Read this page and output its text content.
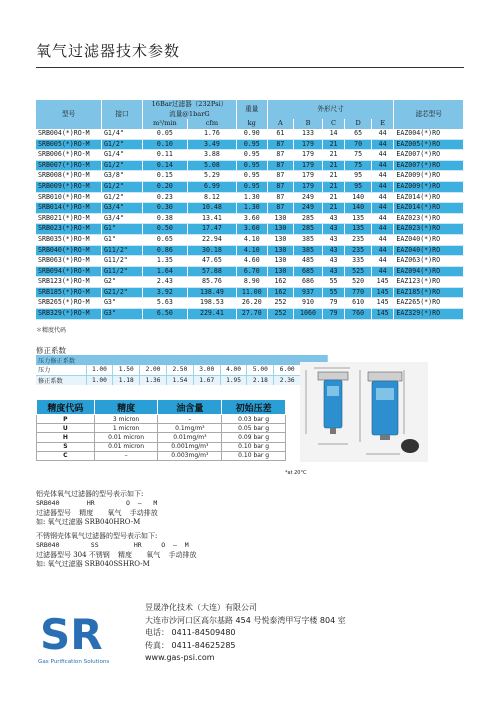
氧气过滤器技术参数
型号	接口	16Bar过滤器（232Psi）
流量@1barG		重量	外形尺寸					滤芯型号
		m³/min	cfm	kg	A	B	C	D	E	
SRB004(*)RO-M	G1/4"	0.05	1.76	0.90	61	133	14	65	44	EAZ004(*)RO
SRB005(*)RO-M	G1/2"	0.10	3.49	0.95	87	179	21	70	44	EAZ005(*)RO
SRB006(*)RO-M	G1/4"	0.11	3.88	0.95	87	179	21	75	44	EAZ007(*)RO
SRB007(*)RO-M	G1/2"	0.14	5.08	0.95	87	179	21	75	44	EAZ007(*)RO
SRB008(*)RO-M	G3/8"	0.15	5.29	0.95	87	179	21	95	44	EAZ009(*)RO
SRB009(*)RO-M	G1/2"	0.20	6.99	0.95	87	179	21	95	44	EAZ009(*)RO
SRB010(*)RO-M	G1/2"	0.23	8.12	1.30	87	249	21	140	44	EAZ014(*)RO
SRB014(*)RO-M	G3/4"	0.30	10.48	1.30	87	249	21	140	44	EAZ014(*)RO
SRB021(*)RO-M	G3/4"	0.38	13.41	3.60	130	285	43	135	44	EAZ023(*)RO
SRB023(*)RO-M	G1"	0.50	17.47	3.60	130	285	43	135	44	EAZ023(*)RO
SRB035(*)RO-M	G1"	0.65	22.94	4.10	130	385	43	235	44	EAZ040(*)RO
SRB040(*)RO-M	G11/2"	0.86	30.18	4.10	130	385	43	235	44	EAZ040(*)RO
SRB063(*)RO-M	G11/2"	1.35	47.65	4.60	130	485	43	335	44	EAZ063(*)RO
SRB094(*)RO-M	G11/2"	1.64	57.88	6.70	130	685	43	525	44	EAZ094(*)RO
SRB123(*)RO-M	G2"	2.43	85.76	8.90	162	686	55	520	145	EAZ123(*)RO
SRB185(*)RO-M	G21/2"	3.92	138.49	11.00	162	937	55	770	145	EAZ185(*)RO
SRB265(*)RO-M	G3"	5.63	198.53	26.20	252	910	79	610	145	EAZ265(*)RO
SRB329(*)RO-M	G3"	6.50	229.41	27.70	252	1060	79	760	145	EAZ329(*)RO
＊精度代码
修正系数
压力修正系数									
压力	1.00	1.50	2.00	2.50	3.00	4.00	5.00	6.00	
修正系数	1.00	1.18	1.36	1.54	1.67	1.95	2.18	2.36	
精度代码	精度	油含量	初始压差
P	3 micron	–	0.03 bar g
U	1 micron	0.1mg/m³	0.05 bar g
H	0.01 micron	0.01mg/m³	0.09 bar g
S	0.01 micron	0.001mg/m³	0.10 bar g
C	–	0.003mg/m³	0.10 bar g
*at 20°C
铝壳体氧气过滤器的型号表示如下:
SRB040       HR        O  —   M
过滤器型号 精度 氧气 手动排放
如: 氧气过滤器 SRB040HRO-M
不锈钢壳体氧气过滤器的型号表示如下:
SRB040        SS         HR     O  —  M
过滤器型号 304 不锈钢 精度 氧气 手动排放
如: 氧气过滤器 SRB040SSHRO-M
SR
Gas Purification Solutions
昱晟净化技术（大连）有限公司
大连市沙河口区高尔基路 454 号悦泰湾甲写字楼 804 室
电话： 0411-84509480
传真： 0411-84625285
www.gas-psi.com
